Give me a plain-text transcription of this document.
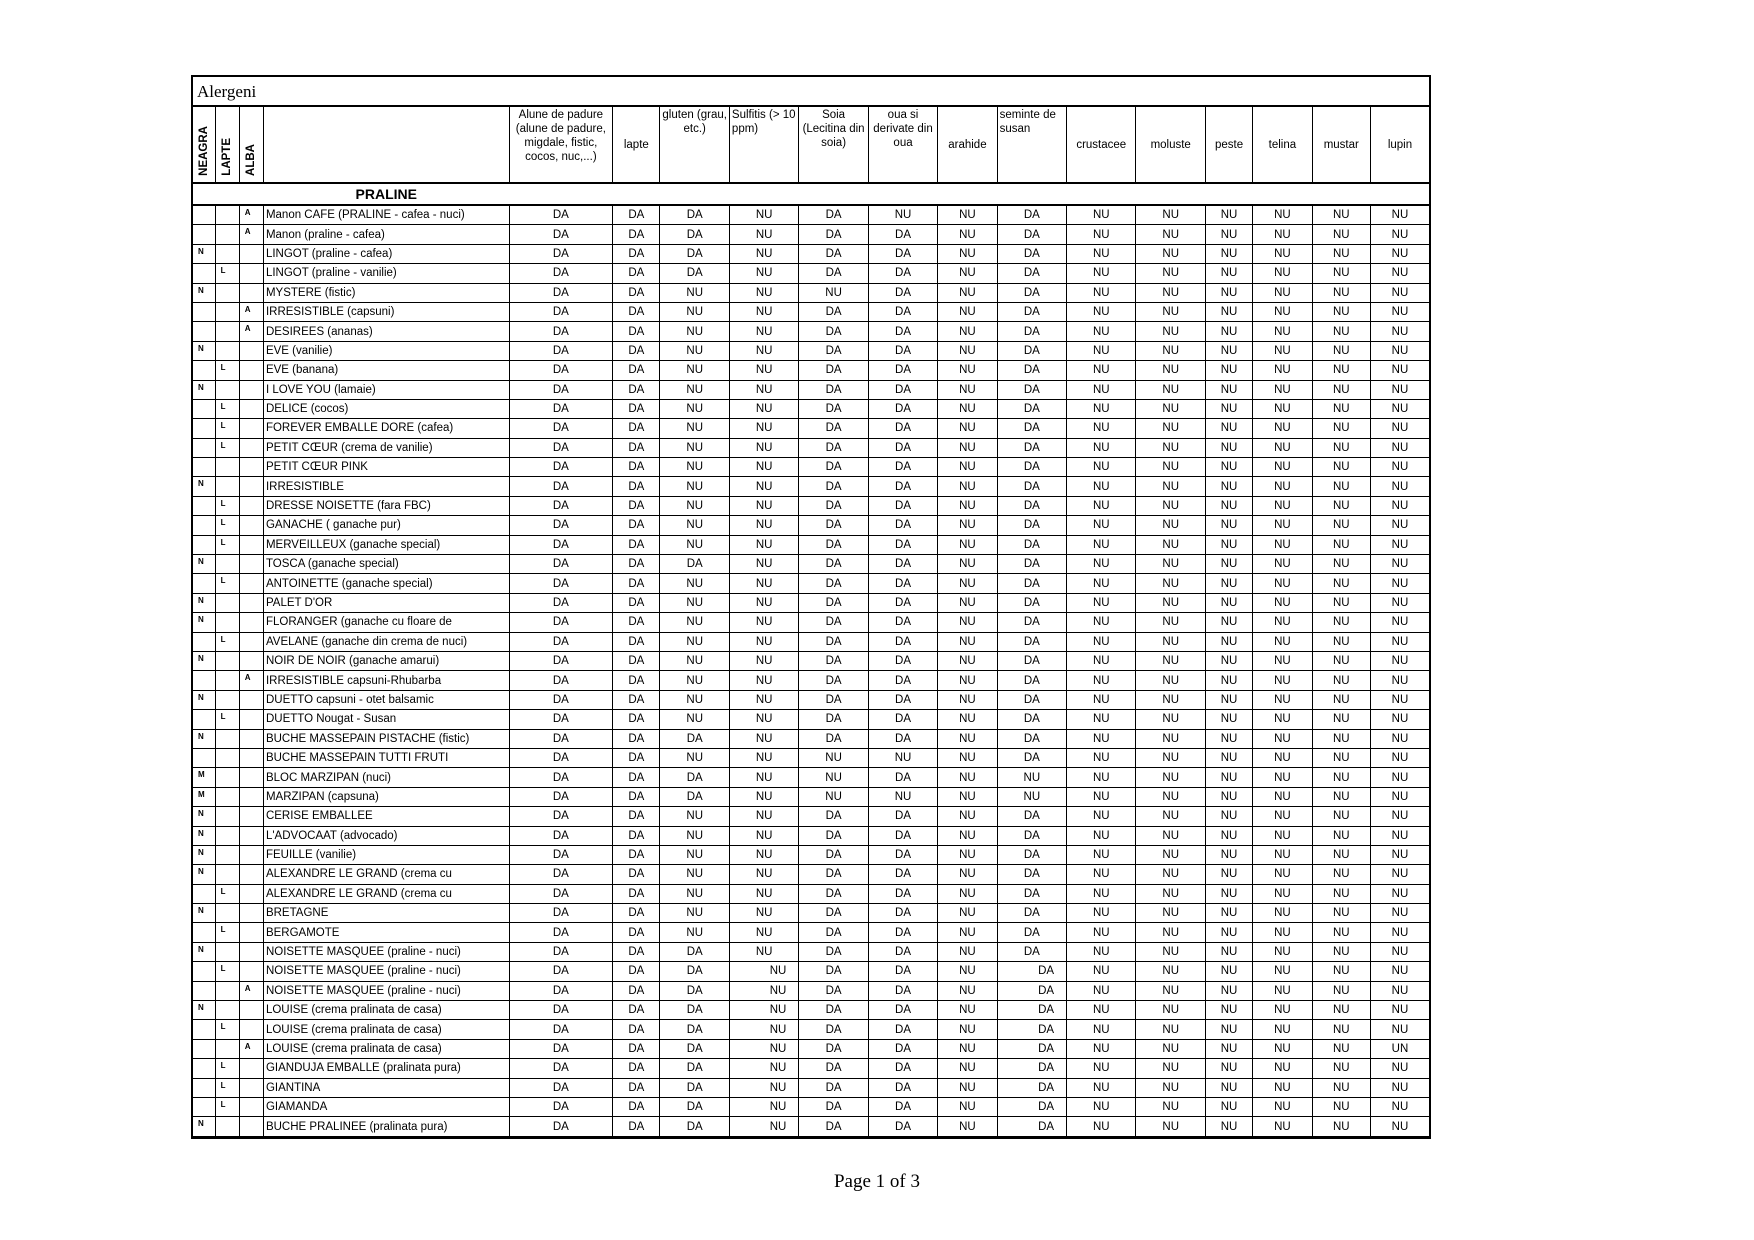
Alergeni
NEAGRA	LAPTE	ALBA		Alune de padure (alune de padure, migdale, fistic, cocos, nuc,...)	lapte	gluten (grau, etc.)	Sulfitis (> 10 ppm)	Soia (Lecitina din soia)	oua si derivate din oua	arahide	seminte de susan	crustacee	moluste	peste	telina	mustar	lupin
			PRALINE														
		A	Manon CAFE (PRALINE - cafea - nuci)	DA	DA	DA	NU	DA	NU	NU	DA	NU	NU	NU	NU	NU	NU
		A	Manon (praline - cafea)	DA	DA	DA	NU	DA	DA	NU	DA	NU	NU	NU	NU	NU	NU
N			LINGOT (praline - cafea)	DA	DA	DA	NU	DA	DA	NU	DA	NU	NU	NU	NU	NU	NU
	L		LINGOT (praline - vanilie)	DA	DA	DA	NU	DA	DA	NU	DA	NU	NU	NU	NU	NU	NU
N			MYSTERE (fistic)	DA	DA	NU	NU	NU	DA	NU	DA	NU	NU	NU	NU	NU	NU
		A	IRRESISTIBLE (capsuni)	DA	DA	NU	NU	DA	DA	NU	DA	NU	NU	NU	NU	NU	NU
		A	DESIREES (ananas)	DA	DA	NU	NU	DA	DA	NU	DA	NU	NU	NU	NU	NU	NU
N			EVE (vanilie)	DA	DA	NU	NU	DA	DA	NU	DA	NU	NU	NU	NU	NU	NU
	L		EVE (banana)	DA	DA	NU	NU	DA	DA	NU	DA	NU	NU	NU	NU	NU	NU
N			I LOVE YOU (lamaie)	DA	DA	NU	NU	DA	DA	NU	DA	NU	NU	NU	NU	NU	NU
	L		DELICE (cocos)	DA	DA	NU	NU	DA	DA	NU	DA	NU	NU	NU	NU	NU	NU
	L		FOREVER EMBALLE DORE (cafea)	DA	DA	NU	NU	DA	DA	NU	DA	NU	NU	NU	NU	NU	NU
	L		PETIT CŒUR (crema de vanilie)	DA	DA	NU	NU	DA	DA	NU	DA	NU	NU	NU	NU	NU	NU
			PETIT CŒUR PINK	DA	DA	NU	NU	DA	DA	NU	DA	NU	NU	NU	NU	NU	NU
N			IRRESISTIBLE	DA	DA	NU	NU	DA	DA	NU	DA	NU	NU	NU	NU	NU	NU
	L		DRESSE NOISETTE (fara FBC)	DA	DA	NU	NU	DA	DA	NU	DA	NU	NU	NU	NU	NU	NU
	L		GANACHE ( ganache pur)	DA	DA	NU	NU	DA	DA	NU	DA	NU	NU	NU	NU	NU	NU
	L		MERVEILLEUX (ganache special)	DA	DA	NU	NU	DA	DA	NU	DA	NU	NU	NU	NU	NU	NU
N			TOSCA (ganache special)	DA	DA	DA	NU	DA	DA	NU	DA	NU	NU	NU	NU	NU	NU
	L		ANTOINETTE (ganache special)	DA	DA	NU	NU	DA	DA	NU	DA	NU	NU	NU	NU	NU	NU
N			PALET D'OR	DA	DA	NU	NU	DA	DA	NU	DA	NU	NU	NU	NU	NU	NU
N			FLORANGER (ganache cu floare de	DA	DA	NU	NU	DA	DA	NU	DA	NU	NU	NU	NU	NU	NU
	L		AVELANE (ganache din crema de nuci)	DA	DA	NU	NU	DA	DA	NU	DA	NU	NU	NU	NU	NU	NU
N			NOIR DE NOIR (ganache amarui)	DA	DA	NU	NU	DA	DA	NU	DA	NU	NU	NU	NU	NU	NU
		A	IRRESISTIBLE capsuni-Rhubarba	DA	DA	NU	NU	DA	DA	NU	DA	NU	NU	NU	NU	NU	NU
N			DUETTO capsuni - otet balsamic	DA	DA	NU	NU	DA	DA	NU	DA	NU	NU	NU	NU	NU	NU
	L		DUETTO Nougat - Susan	DA	DA	NU	NU	DA	DA	NU	DA	NU	NU	NU	NU	NU	NU
N			BUCHE MASSEPAIN PISTACHE (fistic)	DA	DA	DA	NU	DA	DA	NU	DA	NU	NU	NU	NU	NU	NU
			BUCHE MASSEPAIN TUTTI FRUTI	DA	DA	NU	NU	NU	NU	NU	DA	NU	NU	NU	NU	NU	NU
M			BLOC MARZIPAN (nuci)	DA	DA	DA	NU	NU	DA	NU	NU	NU	NU	NU	NU	NU	NU
M			MARZIPAN (capsuna)	DA	DA	DA	NU	NU	NU	NU	NU	NU	NU	NU	NU	NU	NU
N			CERISE EMBALLEE	DA	DA	NU	NU	DA	DA	NU	DA	NU	NU	NU	NU	NU	NU
N			L'ADVOCAAT (advocado)	DA	DA	NU	NU	DA	DA	NU	DA	NU	NU	NU	NU	NU	NU
N			FEUILLE (vanilie)	DA	DA	NU	NU	DA	DA	NU	DA	NU	NU	NU	NU	NU	NU
N			ALEXANDRE LE GRAND (crema cu	DA	DA	NU	NU	DA	DA	NU	DA	NU	NU	NU	NU	NU	NU
	L		ALEXANDRE LE GRAND (crema cu	DA	DA	NU	NU	DA	DA	NU	DA	NU	NU	NU	NU	NU	NU
N			BRETAGNE	DA	DA	NU	NU	DA	DA	NU	DA	NU	NU	NU	NU	NU	NU
	L		BERGAMOTE	DA	DA	NU	NU	DA	DA	NU	DA	NU	NU	NU	NU	NU	NU
N			NOISETTE MASQUEE (praline - nuci)	DA	DA	DA	NU	DA	DA	NU	DA	NU	NU	NU	NU	NU	NU
	L		NOISETTE MASQUEE (praline - nuci)	DA	DA	DA	NU	DA	DA	NU	DA	NU	NU	NU	NU	NU	NU
		A	NOISETTE MASQUEE (praline - nuci)	DA	DA	DA	NU	DA	DA	NU	DA	NU	NU	NU	NU	NU	NU
N			LOUISE (crema pralinata de casa)	DA	DA	DA	NU	DA	DA	NU	DA	NU	NU	NU	NU	NU	NU
	L		LOUISE (crema pralinata de casa)	DA	DA	DA	NU	DA	DA	NU	DA	NU	NU	NU	NU	NU	NU
		A	LOUISE (crema pralinata de casa)	DA	DA	DA	NU	DA	DA	NU	DA	NU	NU	NU	NU	NU	UN
	L		GIANDUJA EMBALLE (pralinata pura)	DA	DA	DA	NU	DA	DA	NU	DA	NU	NU	NU	NU	NU	NU
	L		GIANTINA	DA	DA	DA	NU	DA	DA	NU	DA	NU	NU	NU	NU	NU	NU
	L		GIAMANDA	DA	DA	DA	NU	DA	DA	NU	DA	NU	NU	NU	NU	NU	NU
N			BUCHE PRALINEE (pralinata pura)	DA	DA	DA	NU	DA	DA	NU	DA	NU	NU	NU	NU	NU	NU
Page 1 of 3
